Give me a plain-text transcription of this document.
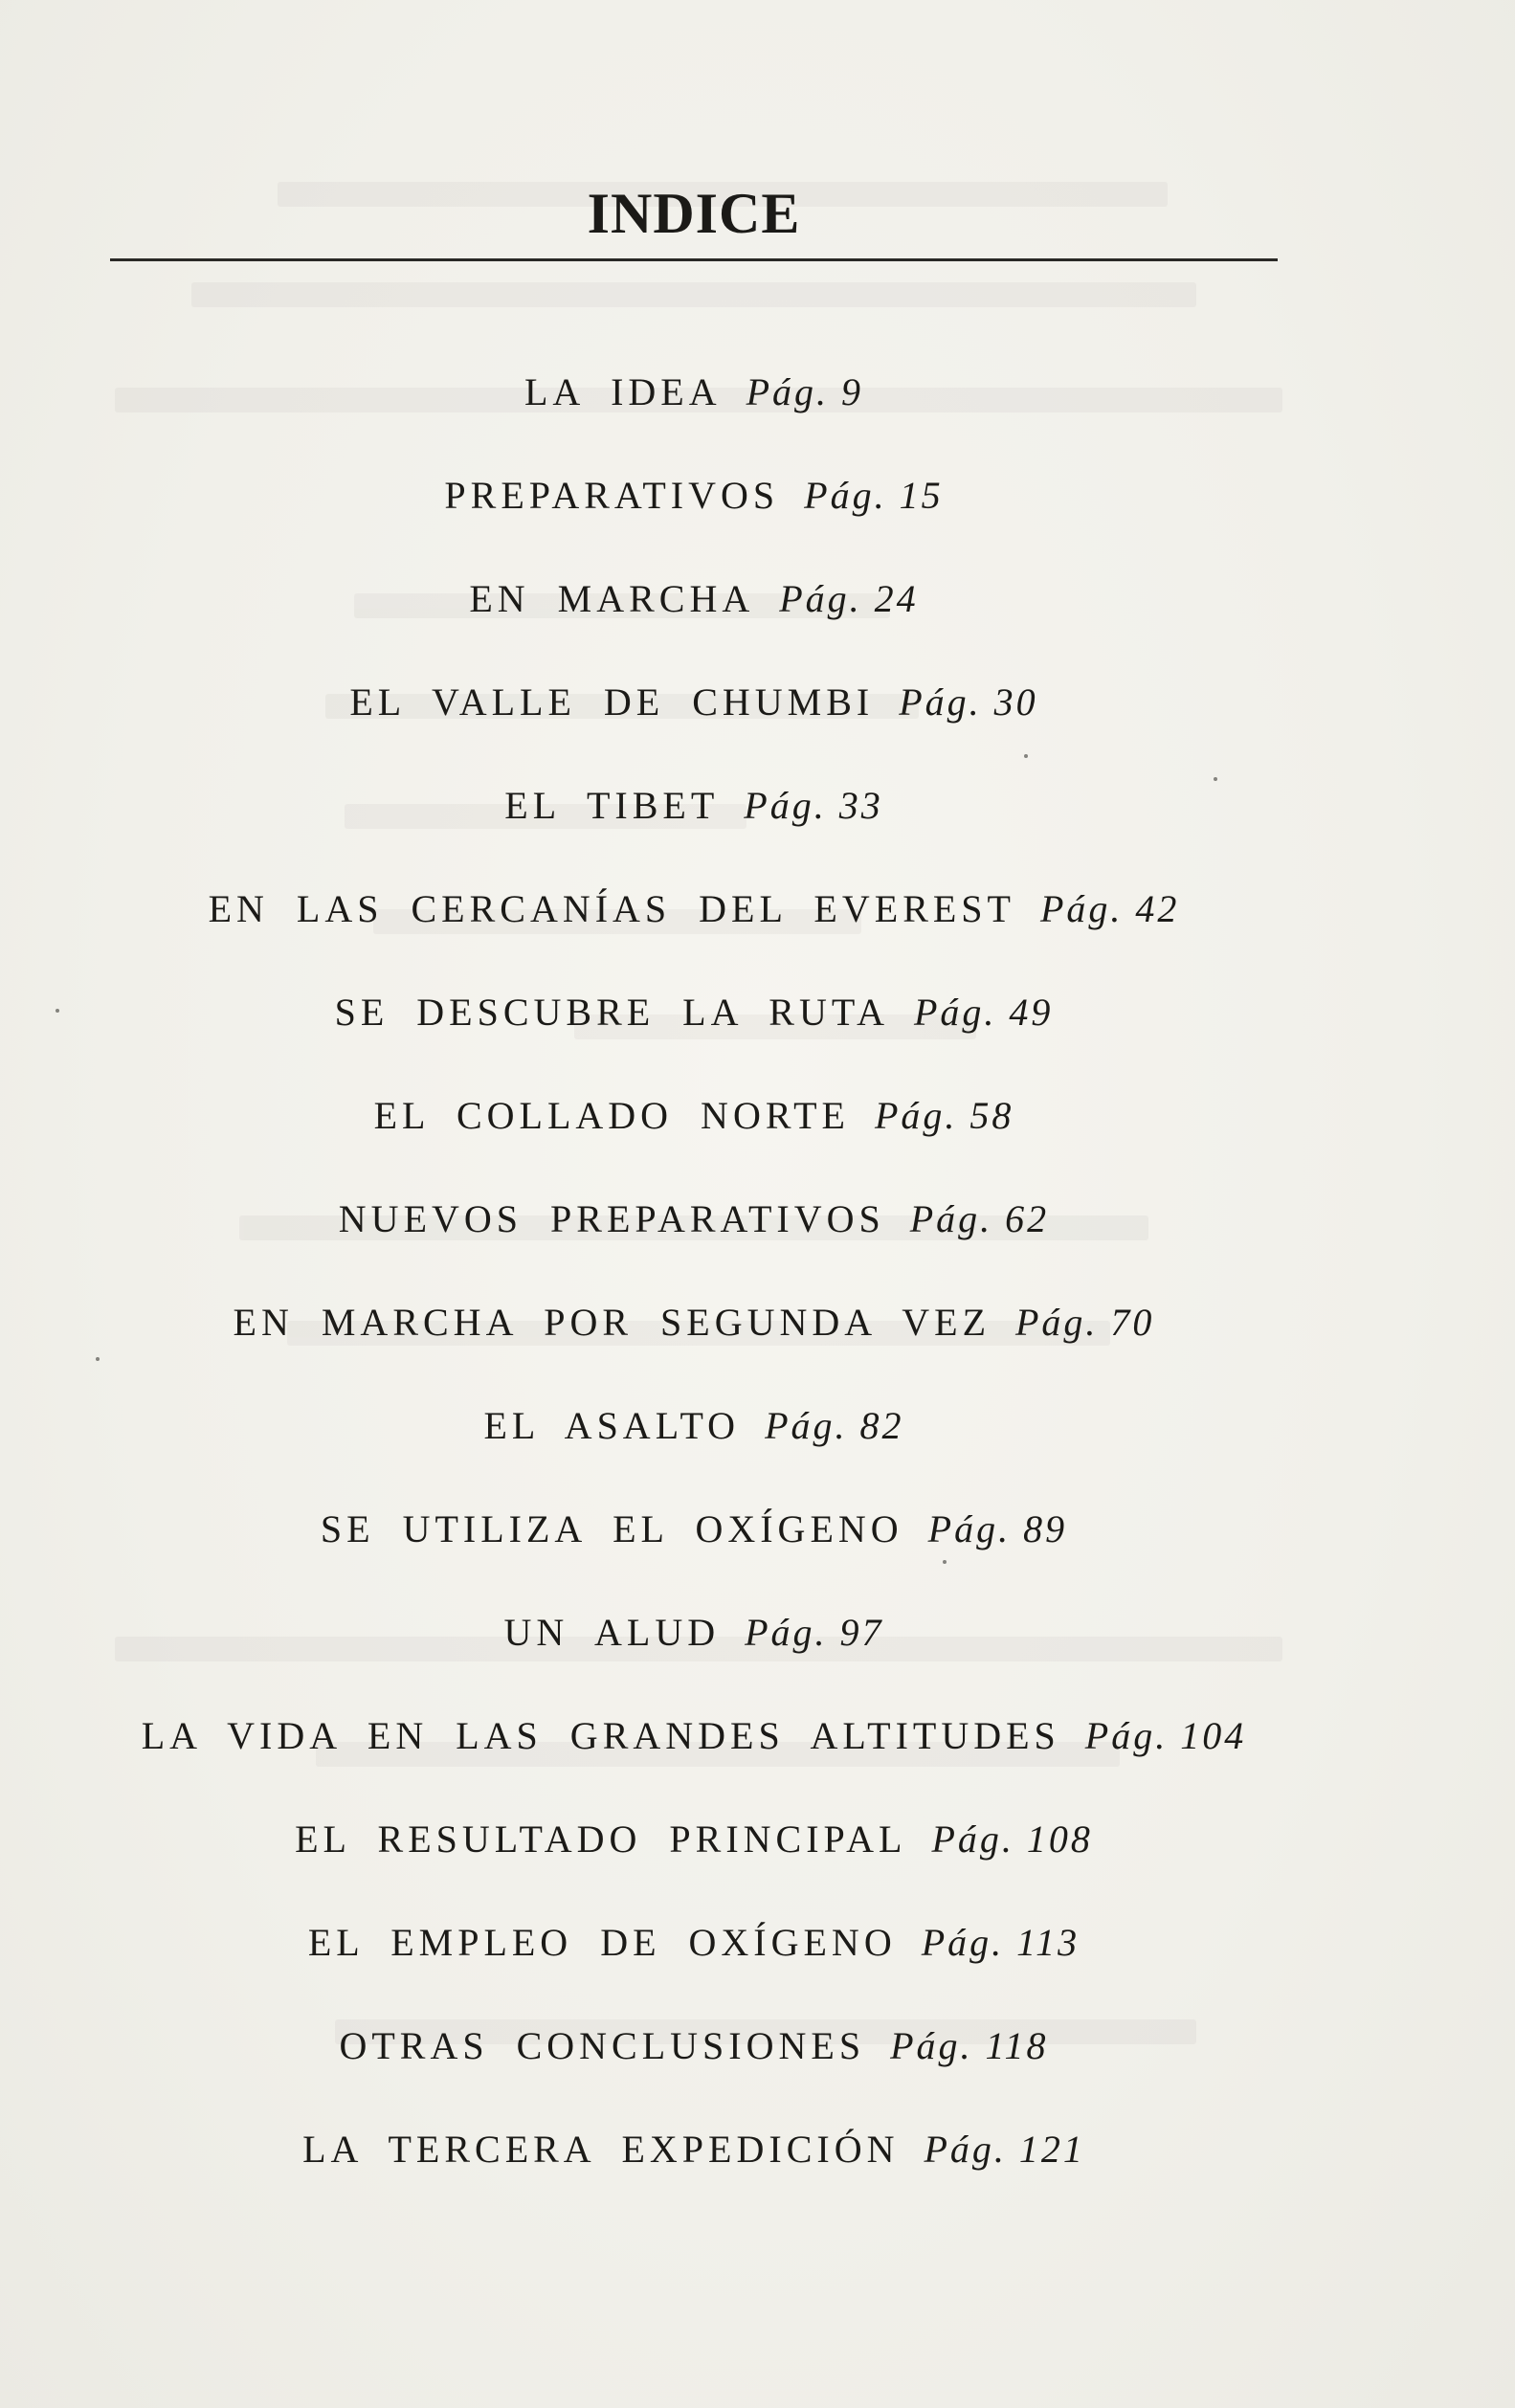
INDICE
LA IDEA Pág. 9
PREPARATIVOS Pág. 15
EN MARCHA Pág. 24
EL VALLE DE CHUMBI Pág. 30
EL TIBET Pág. 33
EN LAS CERCANÍAS DEL EVEREST Pág. 42
SE DESCUBRE LA RUTA Pág. 49
EL COLLADO NORTE Pág. 58
NUEVOS PREPARATIVOS Pág. 62
EN MARCHA POR SEGUNDA VEZ Pág. 70
EL ASALTO Pág. 82
SE UTILIZA EL OXÍGENO Pág. 89
UN ALUD Pág. 97
LA VIDA EN LAS GRANDES ALTITUDES Pág. 104
EL RESULTADO PRINCIPAL Pág. 108
EL EMPLEO DE OXÍGENO Pág. 113
OTRAS CONCLUSIONES Pág. 118
LA TERCERA EXPEDICIÓN Pág. 121
